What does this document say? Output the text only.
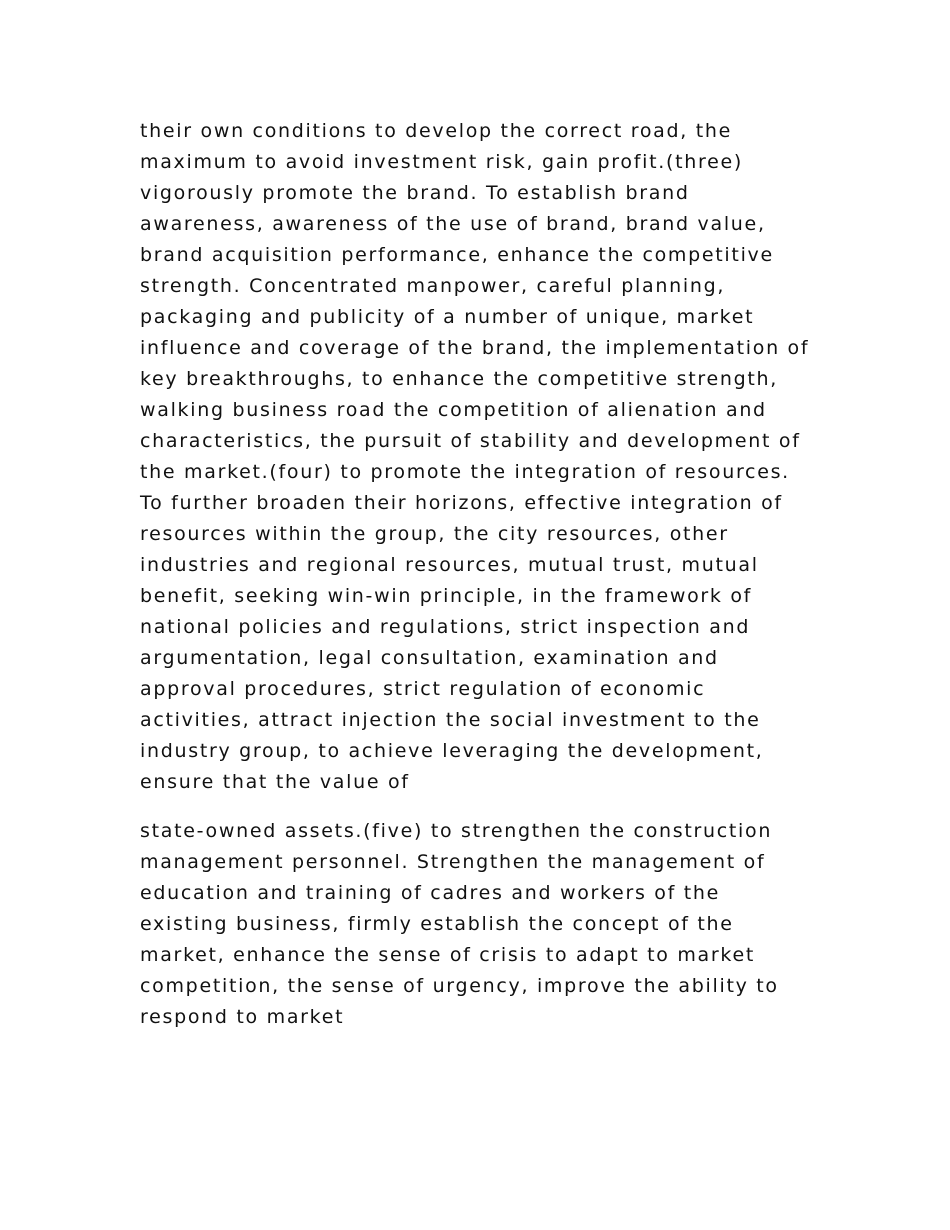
their own conditions to develop the correct road, the
maximum to avoid investment risk, gain profit.(three)
vigorously promote the brand. To establish brand
awareness, awareness of the use of brand, brand value,
brand acquisition performance, enhance the competitive
strength. Concentrated manpower, careful planning,
packaging and publicity of a number of unique, market
influence and coverage of the brand, the implementation of
key breakthroughs, to enhance the competitive strength,
walking business road the competition of alienation and
characteristics, the pursuit of stability and development of
the market.(four) to promote the integration of resources.
To further broaden their horizons, effective integration of
resources within the group, the city resources, other
industries and regional resources, mutual trust, mutual
benefit, seeking win-win principle, in the framework of
national policies and regulations, strict inspection and
argumentation, legal consultation, examination and
approval procedures, strict regulation of economic
activities, attract injection the social investment to the
industry group, to achieve leveraging the development,
ensure that the value of
state-owned assets.(five) to strengthen the construction
management personnel. Strengthen the management of
education and training of cadres and workers of the
existing business, firmly establish the concept of the
market, enhance the sense of crisis to adapt to market
competition, the sense of urgency, improve the ability to
respond to market
